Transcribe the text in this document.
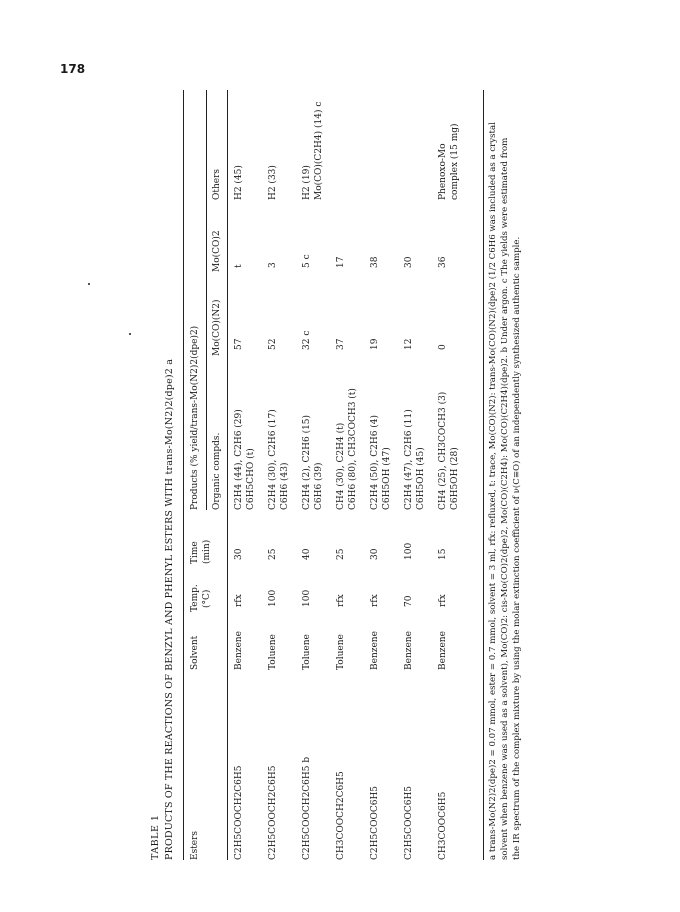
178
TABLE 1 PRODUCTS OF THE REACTIONS OF BENZYL AND PHENYL ESTERS WITH trans-Mo(N2)2(dpe)2 a Esters
Solvent
Temp. (°C)
Time (min)
Products (% yield/trans-Mo(N2)2(dpe)2) Organic compds.
Mo(CO)(N2)
Mo(CO)2
Others
C2H5COOCH2C6H5
Benzene
rfx
30
C2H4 (44), C2H6 (29) C6H5CHO (t)
57
t
H2 (45)
C2H5COOCH2C6H5
Toluene
100
25
C2H4 (30), C2H6 (17) C6H6 (43)
52
3
H2 (33)
C2H5COOCH2C6H5 b
Toluene
100
40
C2H4 (2), C2H6 (15) C6H6 (39)
32 c
5 c
H2 (19) Mo(CO)(C2H4) (14) c
CH3COOCH2C6H5
Toluene
rfx
25
CH4 (30), C2H4 (t) C6H6 (80), CH3COCH3 (t)
37
17
C2H5COOC6H5
Benzene
rfx
30
C2H4 (50), C2H6 (4) C6H5OH (47)
19
38
C2H5COOC6H5
Benzene
70
100
C2H4 (47), C2H6 (11) C6H5OH (45)
12
30
CH3COOC6H5
Benzene
rfx
15
CH4 (25), CH3COCH3 (3) C6H5OH (28)
0
36
Phenoxo-Mo complex (15 mg)	a trans-Mo(N2)2(dpe)2 = 0.07 mmol, ester = 0.7 mmol, solvent = 3 ml, rfx: refluxed, t: trace, Mo(CO)(N2): trans-Mo(CO)(N2)(dpe)2 (1/2 C6H6 was included as a crystal solvent when benzene was used as a solvent), Mo(CO)2: cis-Mo(CO)2(dpe)2, Mo(CO)(C2H4): Mo(CO)(C2H4)(dpe)2. b Under argon. c The yields were estimated from the IR spectrum of the complex mixture by using the molar extinction coefficient of ν(C≡O) of an independently synthesized authentic sample.
